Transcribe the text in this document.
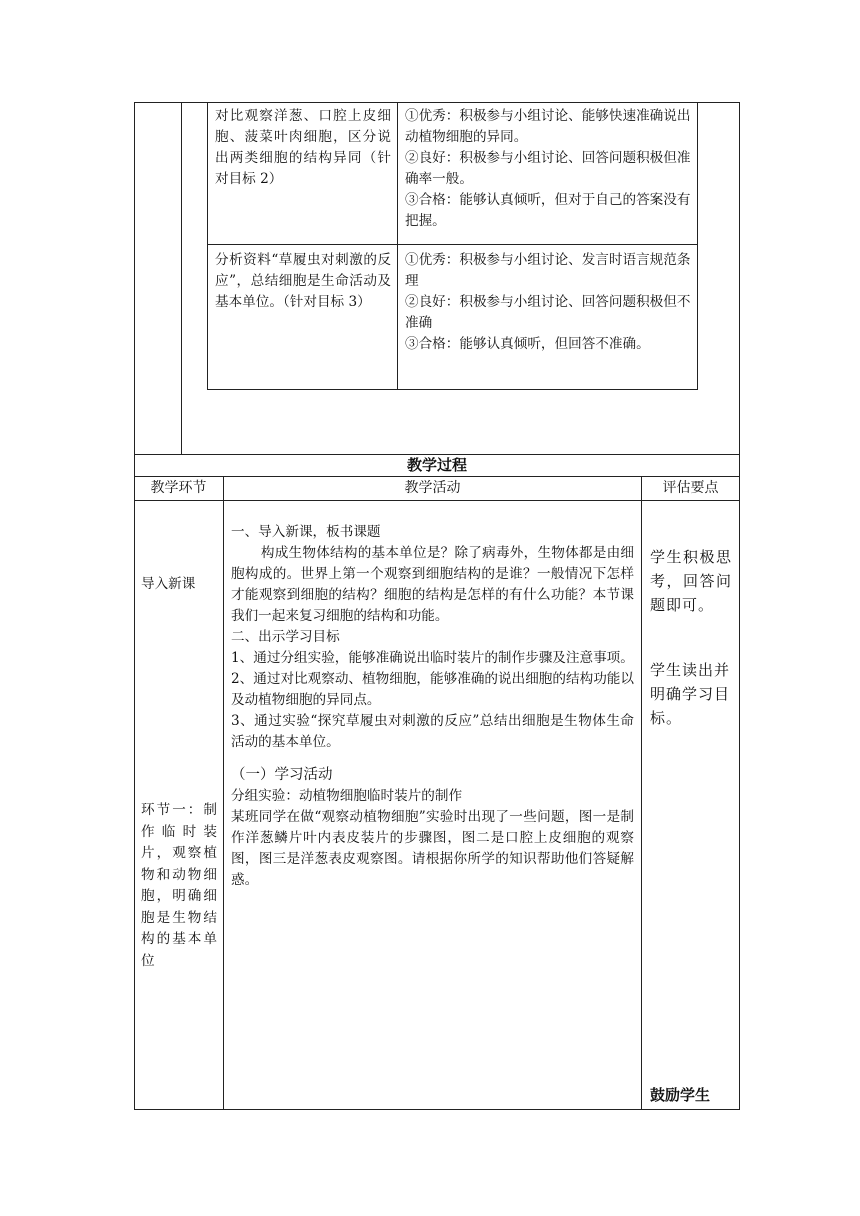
对比观察洋葱、口腔上皮细胞、菠菜叶肉细胞，区分说出两类细胞的结构异同（针对目标 2）
①优秀：积极参与小组讨论、能够快速准确说出动植物细胞的异同。
②良好：积极参与小组讨论、回答问题积极但准确率一般。
③合格：能够认真倾听，但对于自己的答案没有把握。
分析资料“草履虫对刺激的反应”，总结细胞是生命活动及基本单位。（针对目标 3）
①优秀：积极参与小组讨论、发言时语言规范条理
②良好：积极参与小组讨论、回答问题积极但不准确
③合格：能够认真倾听，但回答不准确。
教学过程
教学环节	教学活动	评估要点
导入新课
环节一：制作临时装片，观察植物和动物细胞，明确细胞是生物结构的基本单位
一、导入新课，板书课题
构成生物体结构的基本单位是？除了病毒外，生物体都是由细胞构成的。世界上第一个观察到细胞结构的是谁？一般情况下怎样才能观察到细胞的结构？细胞的结构是怎样的有什么功能？本节课我们一起来复习细胞的结构和功能。
二、出示学习目标
1、通过分组实验，能够准确说出临时装片的制作步骤及注意事项。
2、通过对比观察动、植物细胞，能够准确的说出细胞的结构功能以及动植物细胞的异同点。
3、通过实验“探究草履虫对刺激的反应”总结出细胞是生物体生命活动的基本单位。
（一）学习活动
分组实验：动植物细胞临时装片的制作
某班同学在做“观察动植物细胞”实验时出现了一些问题，图一是制作洋葱鳞片叶内表皮装片的步骤图，图二是口腔上皮细胞的观察图，图三是洋葱表皮观察图。请根据你所学的知识帮助他们答疑解惑。
学生积极思考，回答问题即可。
学生读出并明确学习目标。
鼓励学生
